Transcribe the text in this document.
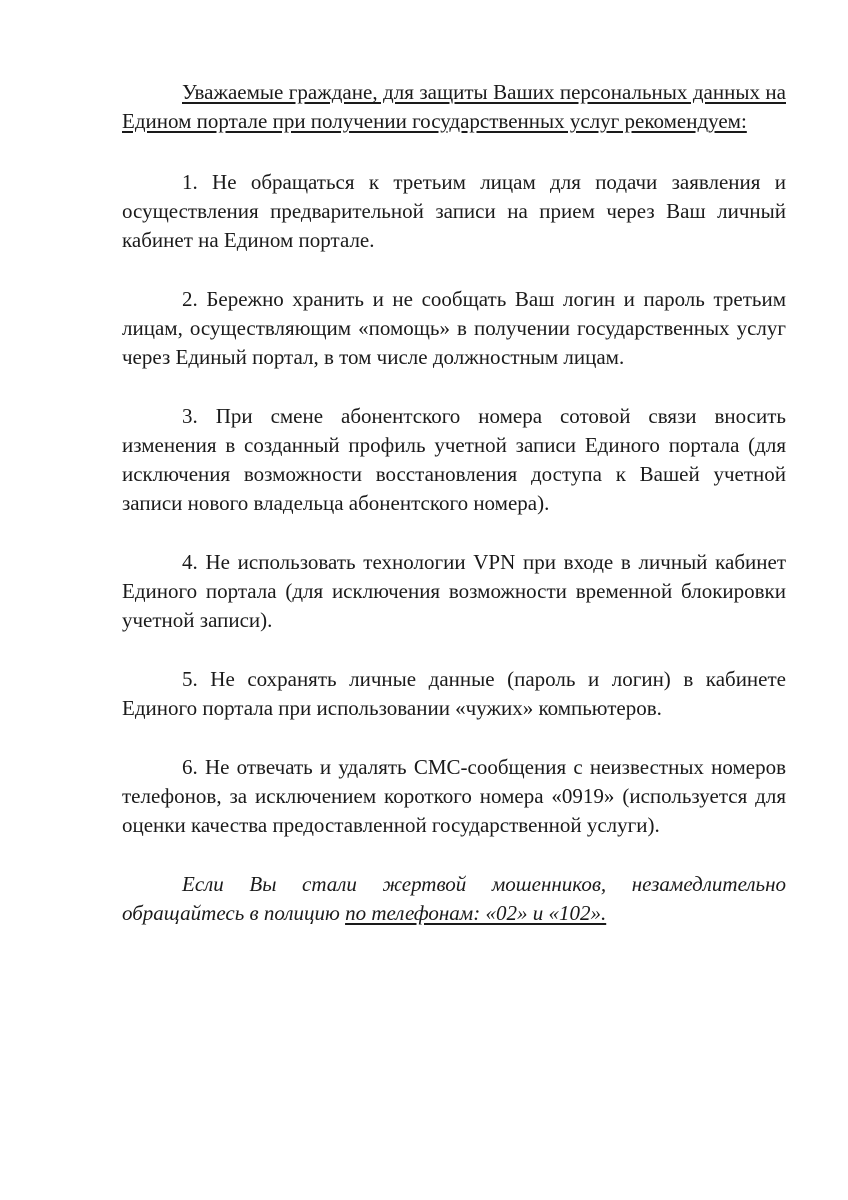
Уважаемые граждане, для защиты Ваших персональных данных на Едином портале при получении государственных услуг рекомендуем:

1. Не обращаться к третьим лицам для подачи заявления и осуществления предварительной записи на прием через Ваш личный кабинет на Едином портале.

2. Бережно хранить и не сообщать Ваш логин и пароль третьим лицам, осуществляющим «помощь» в получении государственных услуг через Единый портал, в том числе должностным лицам.

3. При смене абонентского номера сотовой связи вносить изменения в созданный профиль учетной записи Единого портала (для исключения возможности восстановления доступа к Вашей учетной записи нового владельца абонентского номера).

4. Не использовать технологии VPN при входе в личный кабинет Единого портала (для исключения возможности временной блокировки учетной записи).

5. Не сохранять личные данные (пароль и логин) в кабинете Единого портала при использовании «чужих» компьютеров.

6. Не отвечать и удалять СМС-сообщения с неизвестных номеров телефонов, за исключением короткого номера «0919» (используется для оценки качества предоставленной государственной услуги).

Если Вы стали жертвой мошенников, незамедлительно обращайтесь в полицию по телефонам: «02» и «102».
